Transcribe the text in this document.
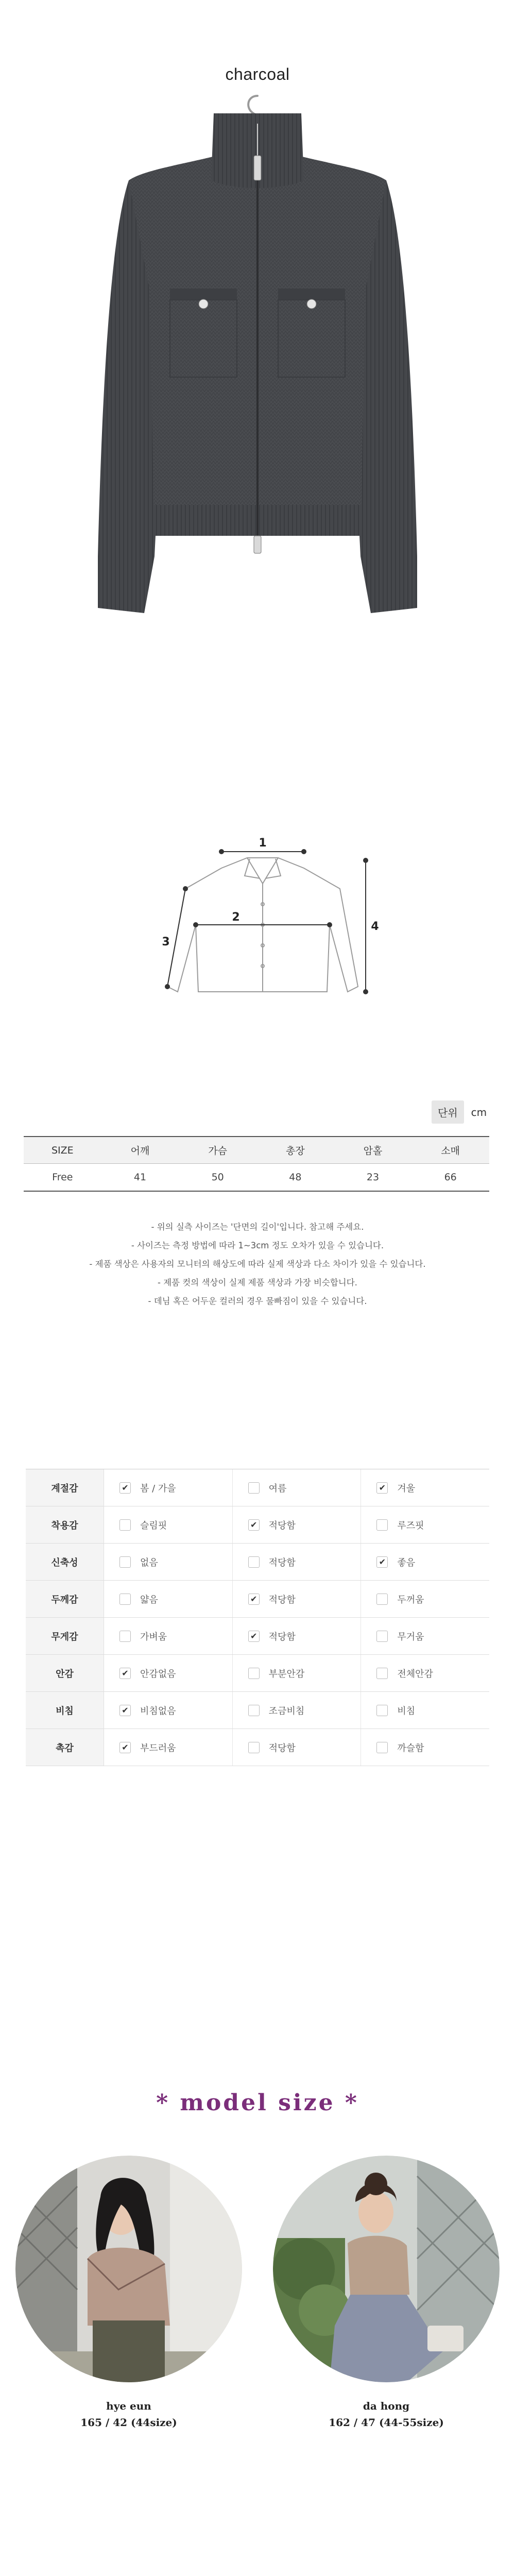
charcoal
1
2
3
4
단위	cm
SIZE	어깨	가슴	총장	암홀	소매
Free	41	50	48	23	66

- 위의 실측 사이즈는 '단면의 길이'입니다. 참고해 주세요.

- 사이즈는 측정 방법에 따라 1~3cm 정도 오차가 있을 수 있습니다.

- 제품 색상은 사용자의 모니터의 해상도에 따라 실제 색상과 다소 차이가 있을 수 있습니다.

- 제품 컷의 색상이 실제 제품 색상과 가장 비슷합니다.

- 데님 혹은 어두운 컬러의 경우 물빠짐이 있을 수 있습니다.

계절감	✔ 봄 / 가을	여름	✔ 겨울
착용감	슬림핏	✔ 적당함	루즈핏
신축성	없음	적당함	✔ 좋음
두께감	얇음	✔ 적당함	두꺼움
무게감	가벼움	✔ 적당함	무거움
안감	✔ 안감없음	부분안감	전체안감
비침	✔ 비침없음	조금비침	비침
촉감	✔ 부드러움	적당함	까슬함
* model size *
hye eun
165 / 42 (44size)
da hong
162 / 47 (44-55size)
